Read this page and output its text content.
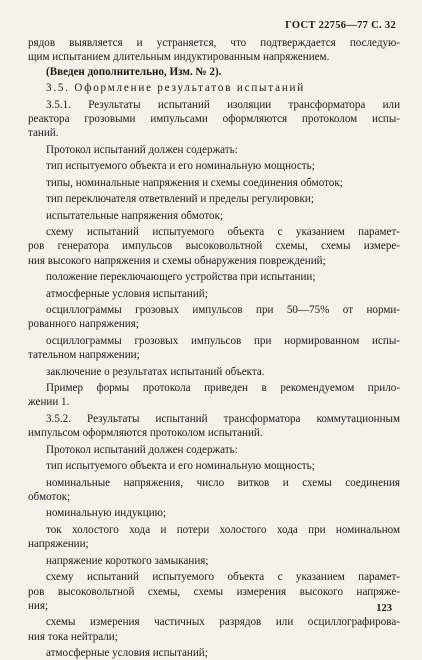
ГОСТ 22756—77 С. 32

рядов выявляется и устраняется, что подтверждается последую-

щим испытанием длительным индуктированным напряжением.

(Введен дополнительно, Изм. № 2).

3.5. Оформление результатов испытаний

3.5.1. Результаты испытаний изоляции трансформатора или

реактора грозовыми импульсами оформляются протоколом испы-

таний.

Протокол испытаний должен содержать:

тип испытуемого объекта и его номинальную мощность;

типы, номинальные напряжения и схемы соединения обмоток;

тип переключателя ответвлений и пределы регулировки;

испытательные напряжения обмоток;

схему испытаний испытуемого объекта с указанием парамет-

ров генератора импульсов высоковольтной схемы, схемы измере-

ния высокого напряжения и схемы обнаружения повреждений;

положение переключающего устройства при испытании;

атмосферные условия испытаний;

осциллограммы грозовых импульсов при 50—75% от норми-

рованного напряжения;

осциллограммы грозовых импульсов при нормированном испы-

тательном напряжении;

заключение о результатах испытаний объекта.

Пример формы протокола приведен в рекомендуемом прило-

жении 1.

3.5.2. Результаты испытаний трансформатора коммутационным

импульсом оформляются протоколом испытаний.

Протокол испытаний должен содержать:

тип испытуемого объекта и его номинальную мощность;

номинальные напряжения, число витков и схемы соединения

обмоток;

номинальную индукцию;

ток холостого хода и потери холостого хода при номинальном

напряжении;

напряжение короткого замыкания;

схему испытаний испытуемого объекта с указанием парамет-

ров высоковольтной схемы, схемы измерения высокого напряже-

ния;

схемы измерения частичных разрядов или осциллографирова-

ния тока нейтрали;

атмосферные условия испытаний;

123
